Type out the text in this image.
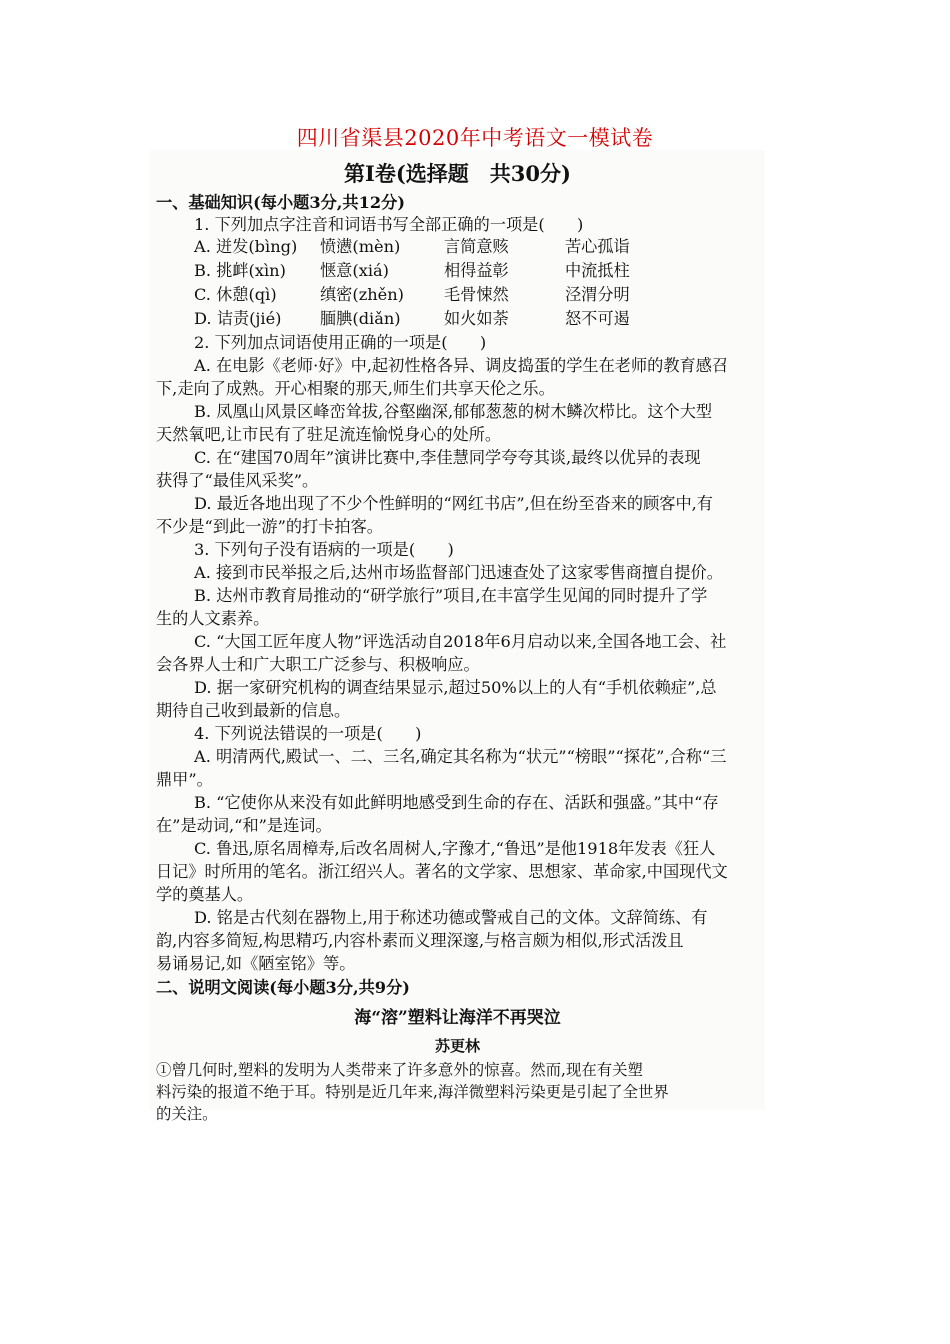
四川省渠县2020年中考语文一模试卷
第Ⅰ卷(选择题　共30分)
一、基础知识(每小题3分,共12分)
1. 下列加点字注音和词语书写全部正确的一项是(　　)
A. 迸发(bìng) 愤懑(mèn)	言简意赅	苦心孤诣
B. 挑衅(xìn) 惬意(xiá)	相得益彰	中流抵柱
C. 休憩(qì)	缜密(zhěn) 毛骨悚然	泾渭分明
D. 诘责(jié) 腼腆(diǎn)	如火如荼	怒不可遏
2. 下列加点词语使用正确的一项是(　　)
A. 在电影《老师·好》中,起初性格各异、调皮捣蛋的学生在老师的教育感召
下,走向了成熟。开心相聚的那天,师生们共享天伦之乐。
B. 凤凰山风景区峰峦耸拔,谷壑幽深,郁郁葱葱的树木鳞次栉比。这个大型
天然氧吧,让市民有了驻足流连愉悦身心的处所。
C. 在“建国70周年”演讲比赛中,李佳慧同学夸夸其谈,最终以优异的表现
获得了“最佳风采奖”。
D. 最近各地出现了不少个性鲜明的“网红书店”,但在纷至沓来的顾客中,有
不少是“到此一游”的打卡拍客。
3. 下列句子没有语病的一项是(　　)
A. 接到市民举报之后,达州市场监督部门迅速查处了这家零售商擅自提价。
B. 达州市教育局推动的“研学旅行”项目,在丰富学生见闻的同时提升了学
生的人文素养。
C. “大国工匠年度人物”评选活动自2018年6月启动以来,全国各地工会、社
会各界人士和广大职工广泛参与、积极响应。
D. 据一家研究机构的调查结果显示,超过50%以上的人有“手机依赖症”,总
期待自己收到最新的信息。
4. 下列说法错误的一项是(　　)
A. 明清两代,殿试一、二、三名,确定其名称为“状元”“榜眼”“探花”,合称“三
鼎甲”。
B. “它使你从来没有如此鲜明地感受到生命的存在、活跃和强盛。”其中“存
在”是动词,“和”是连词。
C. 鲁迅,原名周樟寿,后改名周树人,字豫才,“鲁迅”是他1918年发表《狂人
日记》时所用的笔名。浙江绍兴人。著名的文学家、思想家、革命家,中国现代文
学的奠基人。
D. 铭是古代刻在器物上,用于称述功德或警戒自己的文体。文辞简练、有
韵,内容多简短,构思精巧,内容朴素而义理深邃,与格言颇为相似,形式活泼且
易诵易记,如《陋室铭》等。
二、说明文阅读(每小题3分,共9分)
海“溶”塑料让海洋不再哭泣
苏更林
①曾几何时,塑料的发明为人类带来了许多意外的惊喜。然而,现在有关塑
料污染的报道不绝于耳。特别是近几年来,海洋微塑料污染更是引起了全世界
的关注。
